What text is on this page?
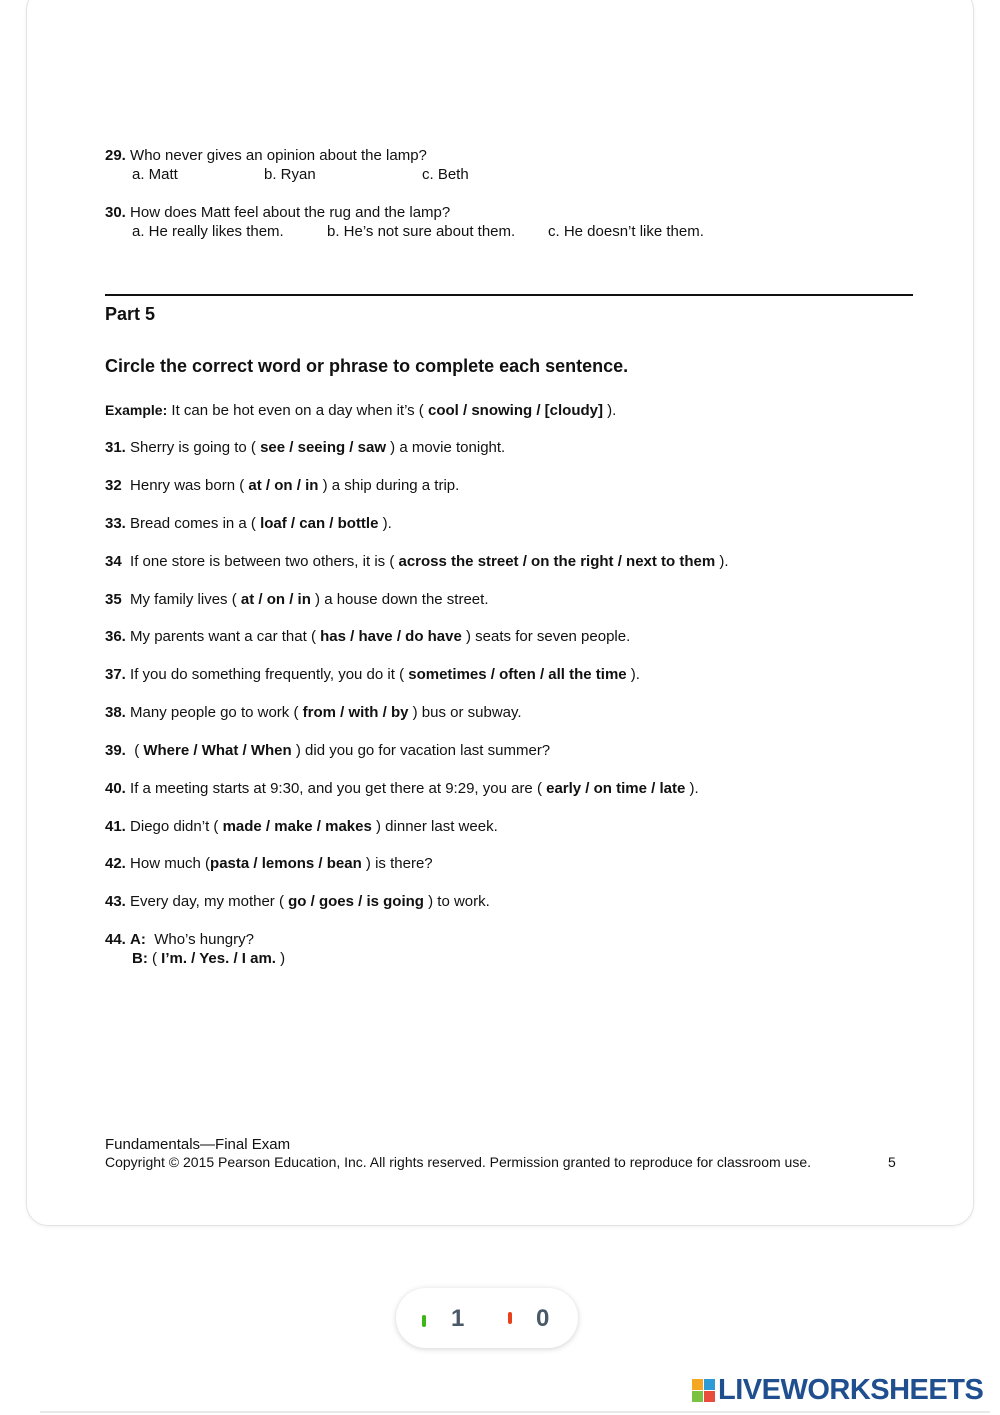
29. Who never gives an opinion about the lamp?
a. Matt	b. Ryan	c. Beth
30. How does Matt feel about the rug and the lamp?
a. He really likes them.	b. He’s not sure about them. c. He doesn’t like them.
Part 5
Circle the correct word or phrase to complete each sentence.
Example: It can be hot even on a day when it’s ( cool / snowing / [cloudy] ).
31. Sherry is going to ( see / seeing / saw ) a movie tonight.
32  Henry was born ( at / on / in ) a ship during a trip.
33. Bread comes in a ( loaf / can / bottle ).
34  If one store is between two others, it is ( across the street / on the right / next to them ).
35  My family lives ( at / on / in ) a house down the street.
36. My parents want a car that ( has / have / do have ) seats for seven people.
37. If you do something frequently, you do it ( sometimes / often / all the time ).
38. Many people go to work ( from / with / by ) bus or subway.
39.  ( Where / What / When ) did you go for vacation last summer?
40. If a meeting starts at 9:30, and you get there at 9:29, you are ( early / on time / late ).
41. Diego didn’t ( made / make / makes ) dinner last week.
42. How much (pasta / lemons / bean ) is there?
43. Every day, my mother ( go / goes / is going ) to work.
44. A:  Who’s hungry?
B: ( I’m. / Yes. / I am. )
Fundamentals—Final Exam
Copyright © 2015 Pearson Education, Inc. All rights reserved. Permission granted to reproduce for classroom use.	5
1	0
LIVEWORKSHEETS
